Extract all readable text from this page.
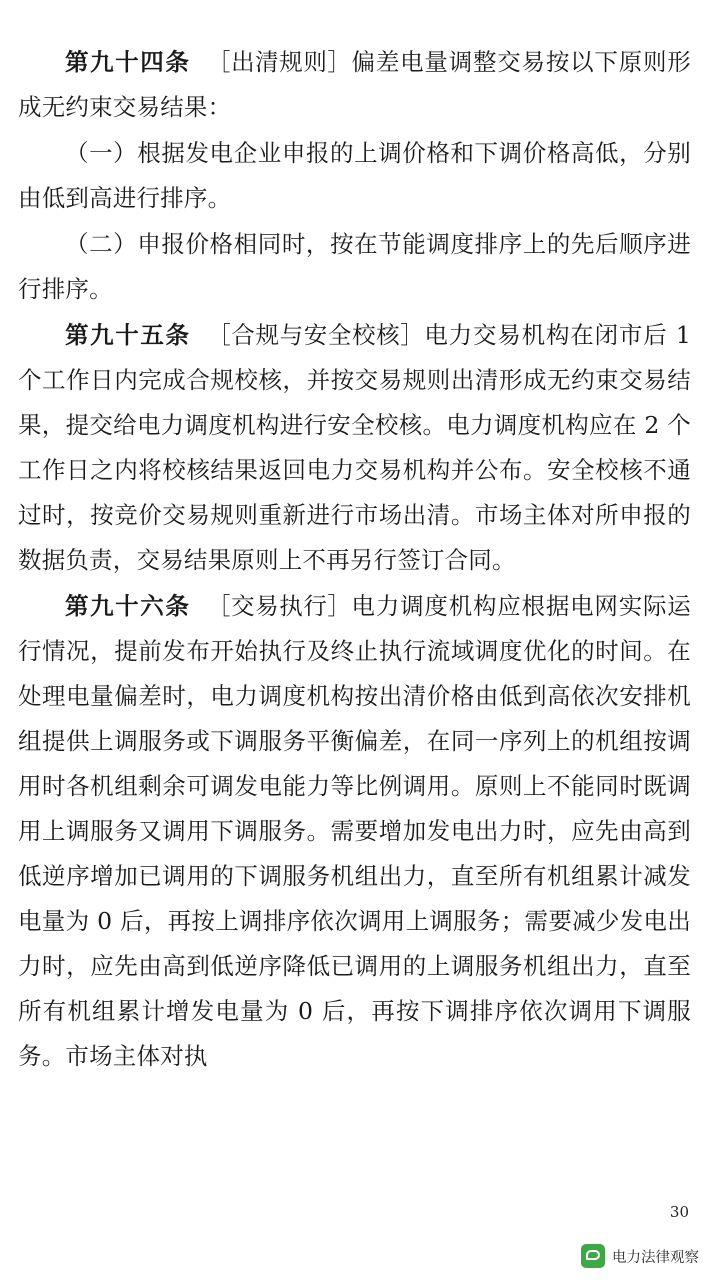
第九十四条 ［出清规则］偏差电量调整交易按以下原则形成无约束交易结果：

（一）根据发电企业申报的上调价格和下调价格高低，分别由低到高进行排序。

（二）申报价格相同时，按在节能调度排序上的先后顺序进行排序。

第九十五条 ［合规与安全校核］电力交易机构在闭市后 1 个工作日内完成合规校核，并按交易规则出清形成无约束交易结果，提交给电力调度机构进行安全校核。电力调度机构应在 2 个工作日之内将校核结果返回电力交易机构并公布。安全校核不通过时，按竞价交易规则重新进行市场出清。市场主体对所申报的数据负责，交易结果原则上不再另行签订合同。

第九十六条 ［交易执行］电力调度机构应根据电网实际运行情况，提前发布开始执行及终止执行流域调度优化的时间。在处理电量偏差时，电力调度机构按出清价格由低到高依次安排机组提供上调服务或下调服务平衡偏差，在同一序列上的机组按调用时各机组剩余可调发电能力等比例调用。原则上不能同时既调用上调服务又调用下调服务。需要增加发电出力时，应先由高到低逆序增加已调用的下调服务机组出力，直至所有机组累计减发电量为 0 后，再按上调排序依次调用上调服务；需要减少发电出力时，应先由高到低逆序降低已调用的上调服务机组出力，直至所有机组累计增发电量为 0 后，再按下调排序依次调用下调服务。市场主体对执

30
电力法律观察
